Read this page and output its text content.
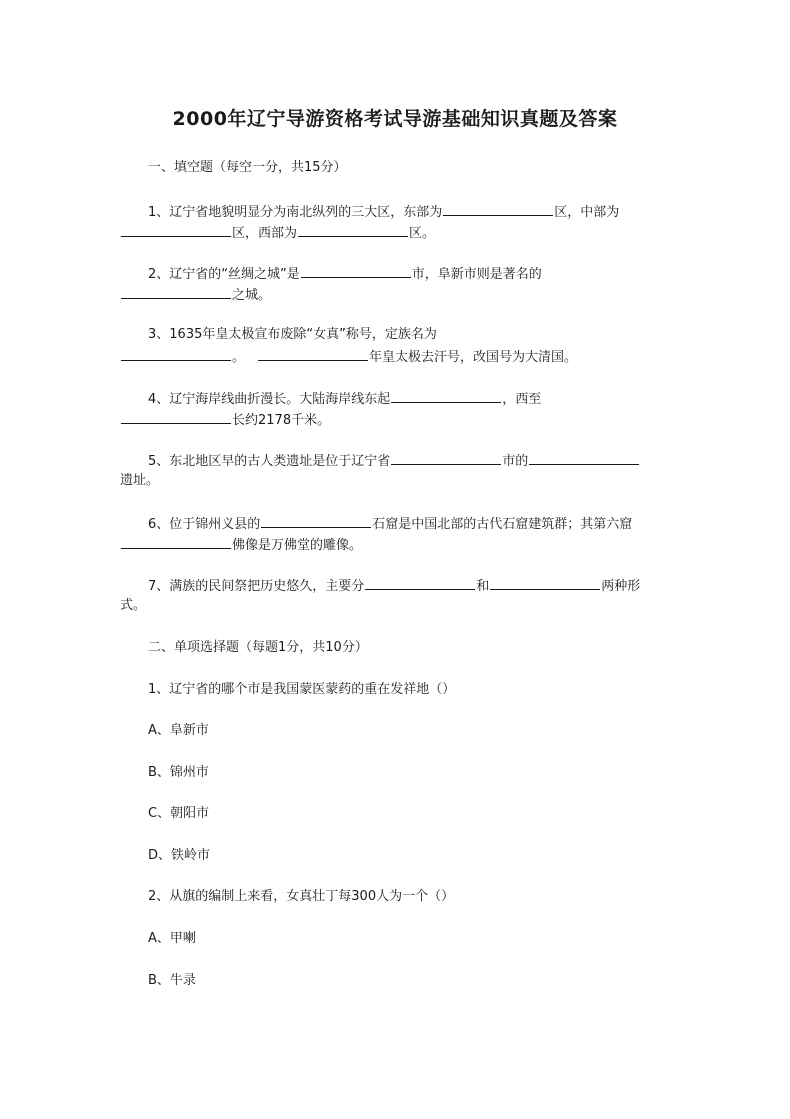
2000年辽宁导游资格考试导游基础知识真题及答案
一、填空题（每空一分，共15分）
1、辽宁省地貌明显分为南北纵列的三大区，东部为	区，中部为
区，西部为	区。
2、辽宁省的“丝绸之城”是	市，阜新市则是著名的
之城。
3、1635年皇太极宣布废除“女真”称号，定族名为
。	年皇太极去汗号，改国号为大清国。
4、辽宁海岸线曲折漫长。大陆海岸线东起	，西至
长约2178千米。
5、东北地区早的古人类遗址是位于辽宁省	市的
遗址。
6、位于锦州义县的	石窟是中国北部的古代石窟建筑群；其第六窟
佛像是万佛堂的雕像。
7、满族的民间祭把历史悠久，主要分	和	两种形
式。
二、单项选择题（每题1分，共10分）
1、辽宁省的哪个市是我国蒙医蒙药的重在发祥地（）
A、阜新市
B、锦州市
C、朝阳市
D、铁岭市
2、从旗的编制上来看，女真壮丁每300人为一个（）
A、甲喇
B、牛录
